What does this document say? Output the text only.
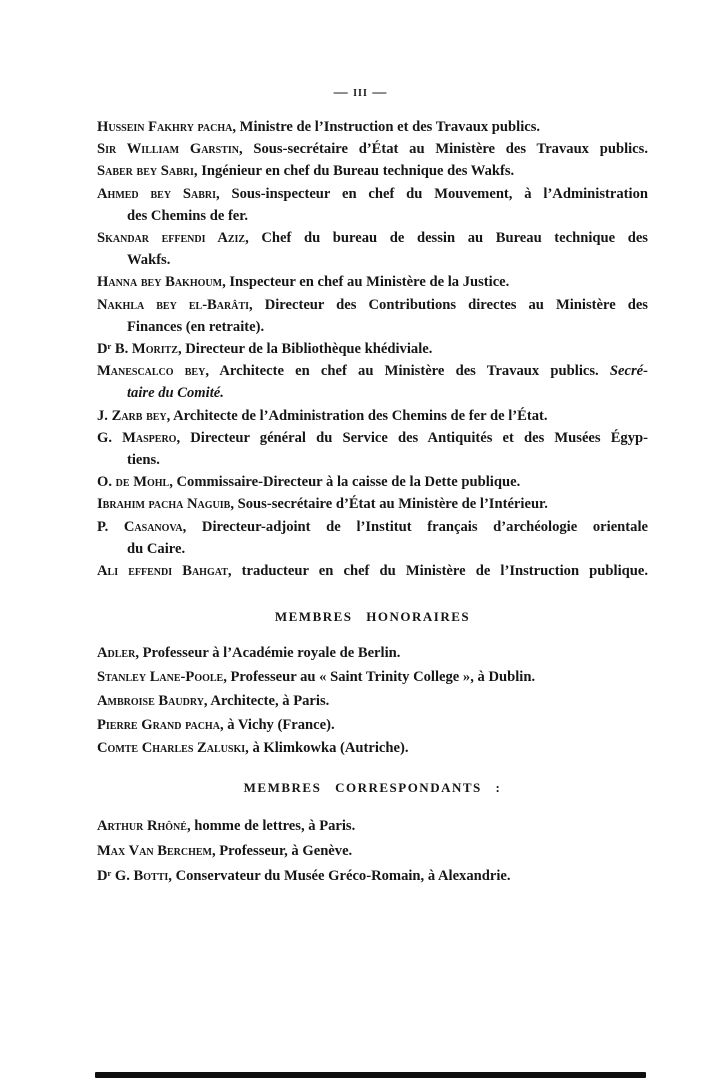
— iii —
Hussein Fakhry pacha, Ministre de l’Instruction et des Travaux publics.
Sir William Garstin, Sous-secrétaire d’État au Ministère des Travaux publics.
Saber bey Sabri, Ingénieur en chef du Bureau technique des Wakfs.
Ahmed bey Sabri, Sous-inspecteur en chef du Mouvement, à l’Administration
des Chemins de fer.
Skandar effendi Aziz, Chef du bureau de dessin au Bureau technique des
Wakfs.
Hanna bey Bakhoum, Inspecteur en chef au Ministère de la Justice.
Nakhla bey el-Barâti, Directeur des Contributions directes au Ministère des
Finances (en retraite).
Dʳ B. Moritz, Directeur de la Bibliothèque khédiviale.
Manescalco bey, Architecte en chef au Ministère des Travaux publics. Secré-
taire du Comité.
J. Zarb bey, Architecte de l’Administration des Chemins de fer de l’État.
G. Maspero, Directeur général du Service des Antiquités et des Musées Égyp-
tiens.
O. de Mohl, Commissaire-Directeur à la caisse de la Dette publique.
Ibrahim pacha Naguib, Sous-secrétaire d’État au Ministère de l’Intérieur.
P. Casanova, Directeur-adjoint de l’Institut français d’archéologie orientale
du Caire.
Ali effendi Bahgat, traducteur en chef du Ministère de l’Instruction publique.
MEMBRES HONORAIRES
Adler, Professeur à l’Académie royale de Berlin.
Stanley Lane-Poole, Professeur au « Saint Trinity College », à Dublin.
Ambroise Baudry, Architecte, à Paris.
Pierre Grand pacha, à Vichy (France).
Comte Charles Zaluski, à Klimkowka (Autriche).
MEMBRES CORRESPONDANTS :
Arthur Rhôné, homme de lettres, à Paris.
Max Van Berchem, Professeur, à Genève.
Dʳ G. Botti, Conservateur du Musée Gréco-Romain, à Alexandrie.
